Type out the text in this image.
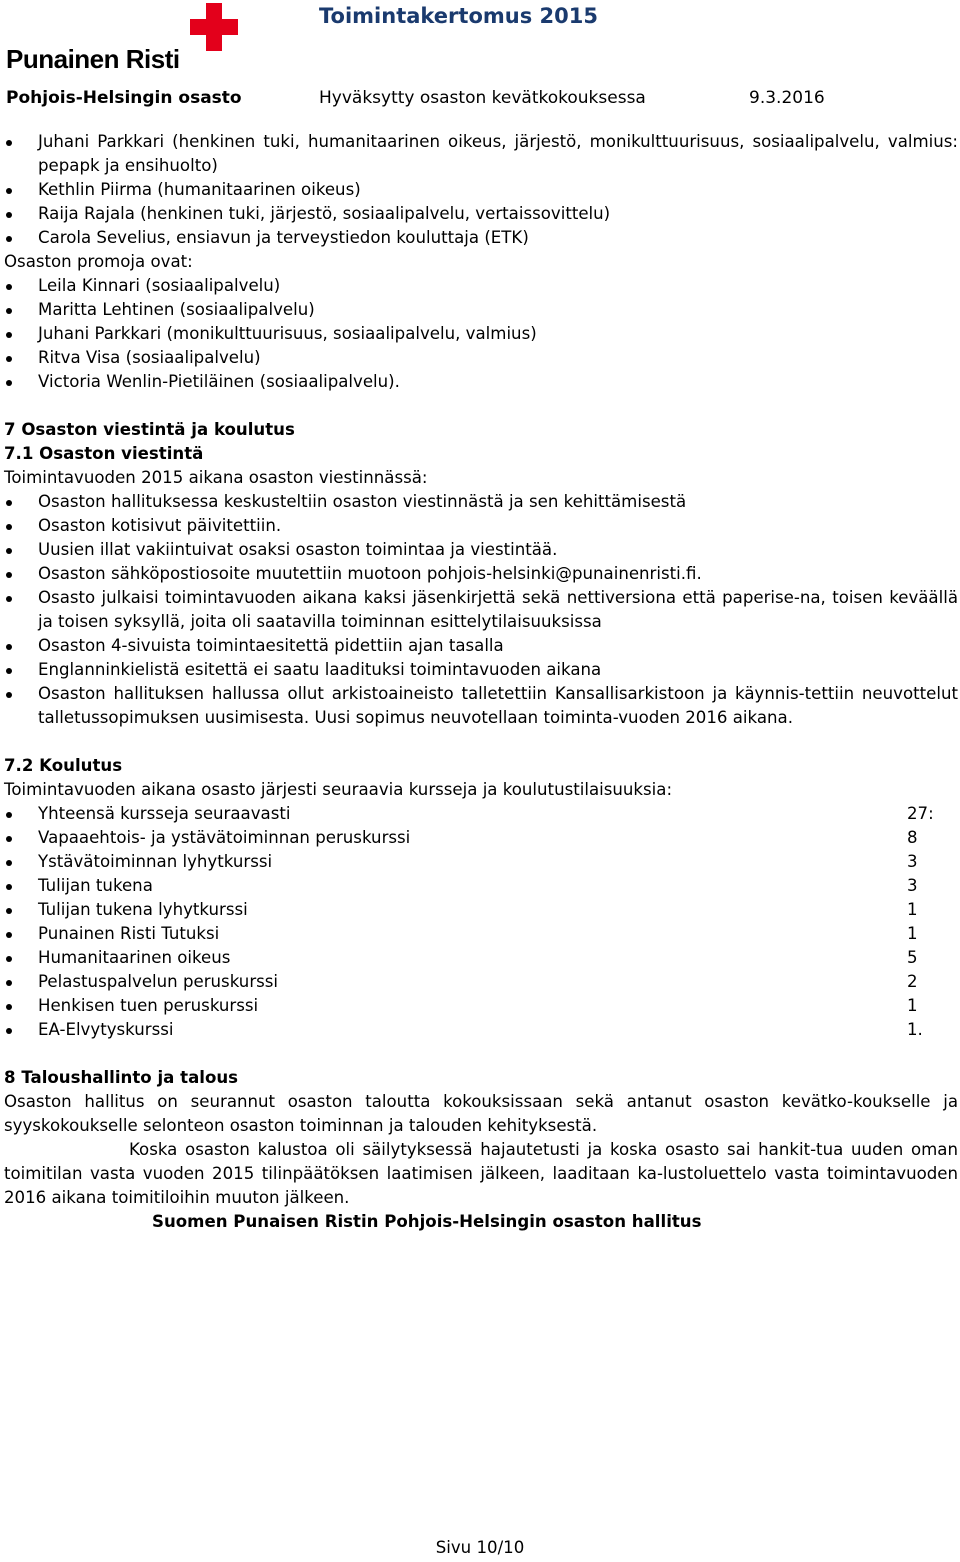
Punainen Risti
Toimintakertomus 2015
Pohjois-Helsingin osasto	Hyväksytty osaston kevätkokouksessa	9.3.2016
Juhani Parkkari (henkinen tuki, humanitaarinen oikeus, järjestö, monikulttuurisuus, sosiaalipalvelu, valmius: pepapk ja ensihuolto)
Kethlin Piirma (humanitaarinen oikeus)
Raija Rajala (henkinen tuki, järjestö, sosiaalipalvelu, vertaissovittelu)
Carola Sevelius, ensiavun ja terveystiedon kouluttaja (ETK)

Osaston promoja ovat:

Leila Kinnari (sosiaalipalvelu)
Maritta Lehtinen (sosiaalipalvelu)
Juhani Parkkari (monikulttuurisuus, sosiaalipalvelu, valmius)
Ritva Visa (sosiaalipalvelu)
Victoria Wenlin-Pietiläinen (sosiaalipalvelu).

7 Osaston viestintä ja koulutus

7.1 Osaston viestintä

Toimintavuoden 2015 aikana osaston viestinnässä:

Osaston hallituksessa keskusteltiin osaston viestinnästä ja sen kehittämisestä
Osaston kotisivut päivitettiin.
Uusien illat vakiintuivat osaksi osaston toimintaa ja viestintää.
Osaston sähköpostiosoite muutettiin muotoon pohjois-helsinki@punainenristi.fi.
Osasto julkaisi toimintavuoden aikana kaksi jäsenkirjettä sekä nettiversiona että paperise-na, toisen keväällä ja toisen syksyllä, joita oli saatavilla toiminnan esittelytilaisuuksissa
Osaston 4-sivuista toimintaesitettä pidettiin ajan tasalla
Englanninkielistä esitettä ei saatu laadituksi toimintavuoden aikana
Osaston hallituksen hallussa ollut arkistoaineisto talletettiin Kansallisarkistoon ja käynnis-tettiin neuvottelut talletussopimuksen uusimisesta. Uusi sopimus neuvotellaan toiminta-vuoden 2016 aikana.

7.2 Koulutus

Toimintavuoden aikana osasto järjesti seuraavia kursseja ja koulutustilaisuuksia:

Yhteensä kursseja seuraavasti	27:
Vapaaehtois- ja ystävätoiminnan peruskurssi	8
Ystävätoiminnan lyhytkurssi	3
Tulijan tukena	3
Tulijan tukena lyhytkurssi	1
Punainen Risti Tutuksi	1
Humanitaarinen oikeus	5
Pelastuspalvelun peruskurssi	2
Henkisen tuen peruskurssi	1
EA-Elvytyskurssi	1.

8 Taloushallinto ja talous

Osaston hallitus on seurannut osaston taloutta kokouksissaan sekä antanut osaston kevätko-koukselle ja syyskokoukselle selonteon osaston toiminnan ja talouden kehityksestä.

Koska osaston kalustoa oli säilytyksessä hajautetusti ja koska osasto sai hankit-tua uuden oman toimitilan vasta vuoden 2015 tilinpäätöksen laatimisen jälkeen, laaditaan ka-lustoluettelo vasta toimintavuoden 2016 aikana toimitiloihin muuton jälkeen.

Suomen Punaisen Ristin Pohjois-Helsingin osaston hallitus

Sivu 10/10
